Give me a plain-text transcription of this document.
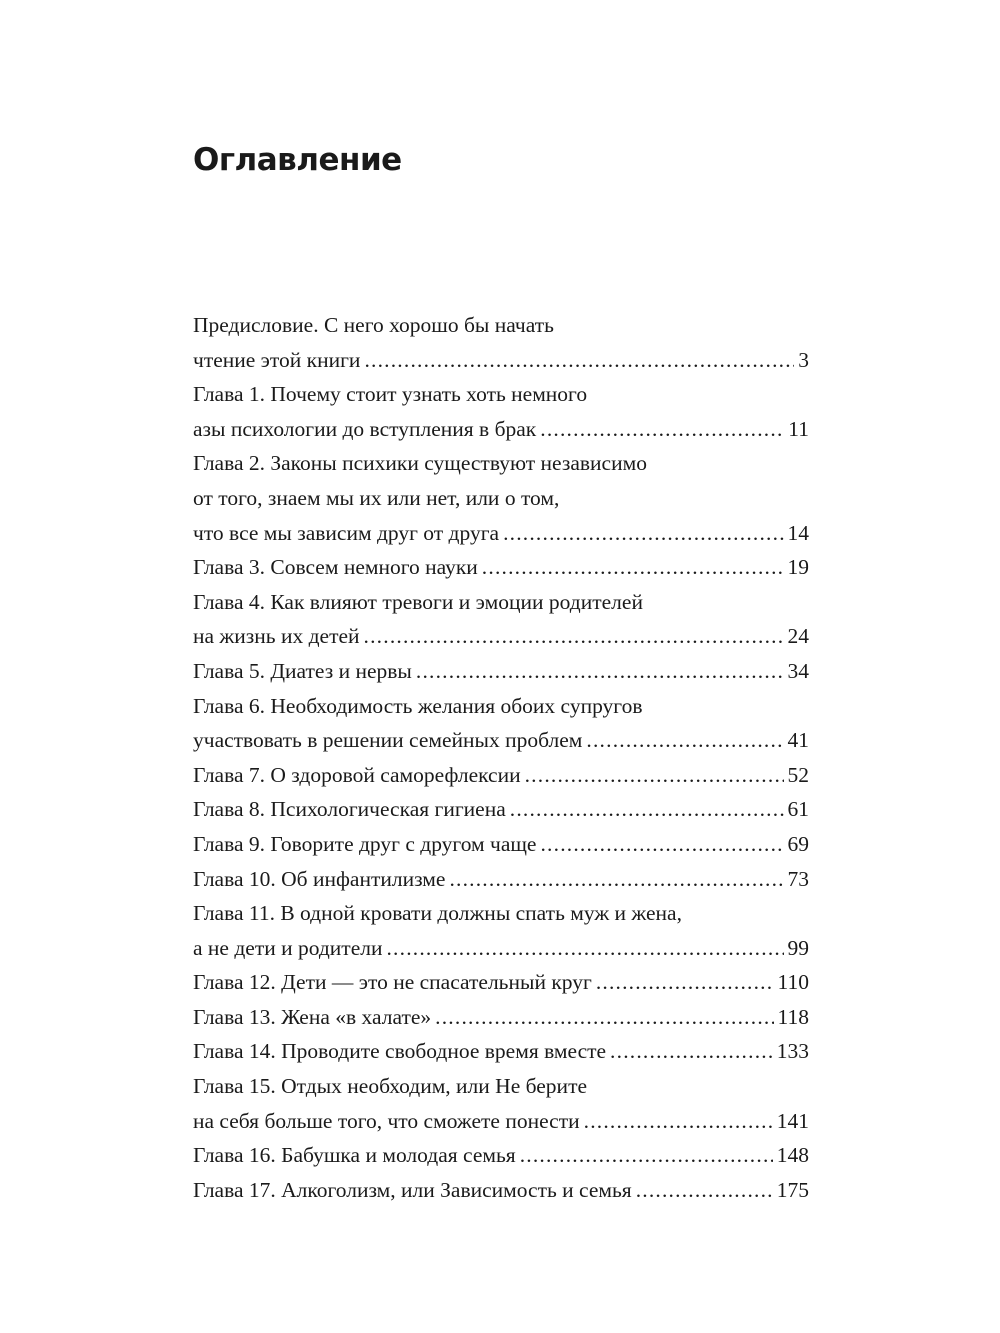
Оглавление
Предисловие. С него хорошо бы начать
чтение этой книги .....	3
Глава 1. Почему стоит узнать хоть немного
азы психологии до вступления в брак .....	11
Глава 2. Законы психики существуют независимо
от того, знаем мы их или нет, или о том,
что все мы зависим друг от друга .....	14
Глава 3. Совсем немного науки .....	19
Глава 4. Как влияют тревоги и эмоции родителей
на жизнь их детей .....	24
Глава 5. Диатез и нервы .....	34
Глава 6. Необходимость желания обоих супругов
участвовать в решении семейных проблем .....	41
Глава 7. О здоровой саморефлексии .....	52
Глава 8. Психологическая гигиена .....	61
Глава 9. Говорите друг с другом чаще .....	69
Глава 10. Об инфантилизме .....	73
Глава 11. В одной кровати должны спать муж и жена,
а не дети и родители .....	99
Глава 12. Дети — это не спасательный круг .....	110
Глава 13. Жена «в халате» .....	118
Глава 14. Проводите свободное время вместе .....	133
Глава 15. Отдых необходим, или Не берите
на себя больше того, что сможете понести .....	141
Глава 16. Бабушка и молодая семья .....	148
Глава 17. Алкоголизм, или Зависимость и семья .....	175
